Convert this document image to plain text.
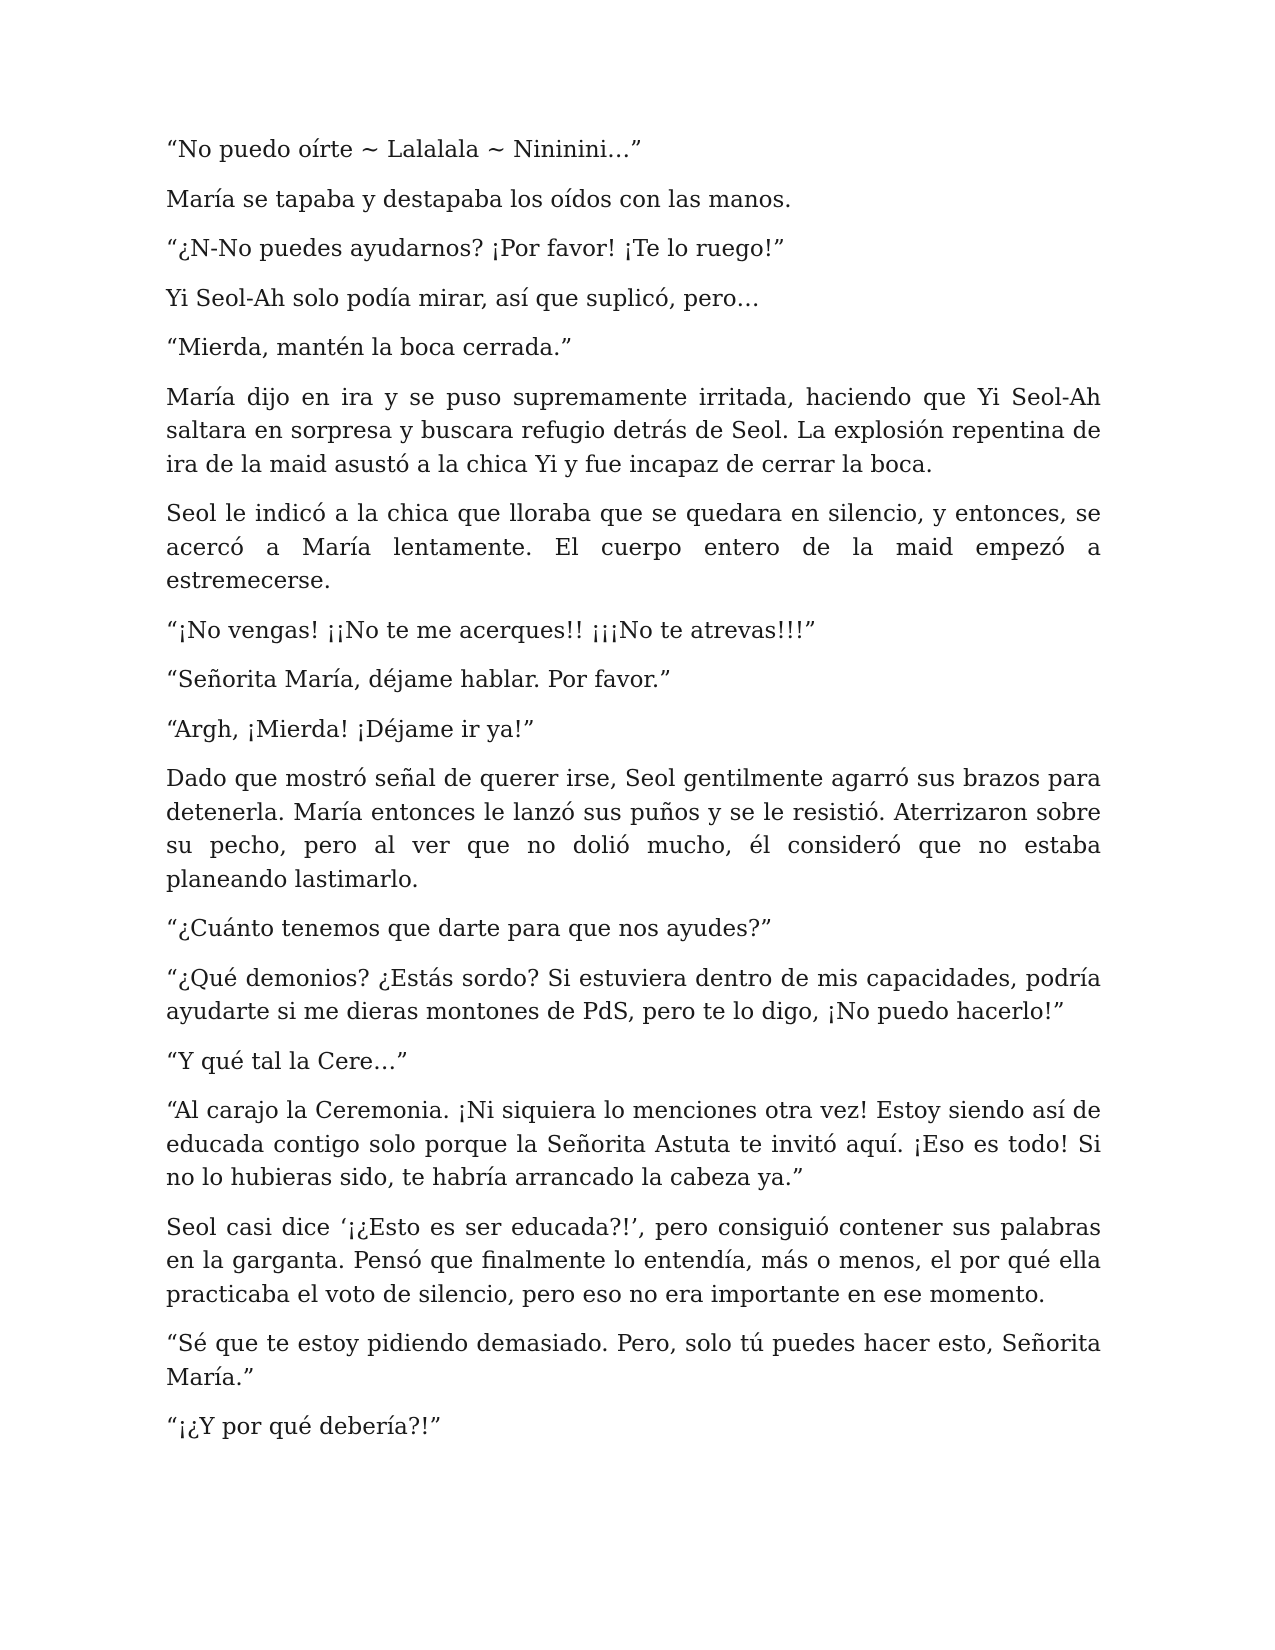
“No puedo oírte ~ Lalalala ~ Nininini…”

María se tapaba y destapaba los oídos con las manos.

“¿N-No puedes ayudarnos? ¡Por favor! ¡Te lo ruego!”

Yi Seol-Ah solo podía mirar, así que suplicó, pero…

“Mierda, mantén la boca cerrada.”

María dijo en ira y se puso supremamente irritada, haciendo que Yi Seol-Ah saltara en sorpresa y buscara refugio detrás de Seol. La explosión repentina de ira de la maid asustó a la chica Yi y fue incapaz de cerrar la boca.

Seol le indicó a la chica que lloraba que se quedara en silencio, y entonces, se acercó a María lentamente. El cuerpo entero de la maid empezó a estremecerse.

“¡No vengas! ¡¡No te me acerques!! ¡¡¡No te atrevas!!!”

“Señorita María, déjame hablar. Por favor.”

“Argh, ¡Mierda! ¡Déjame ir ya!”

Dado que mostró señal de querer irse, Seol gentilmente agarró sus brazos para detenerla. María entonces le lanzó sus puños y se le resistió. Aterrizaron sobre su pecho, pero al ver que no dolió mucho, él consideró que no estaba planeando lastimarlo.

“¿Cuánto tenemos que darte para que nos ayudes?”

“¿Qué demonios? ¿Estás sordo? Si estuviera dentro de mis capacidades, podría ayudarte si me dieras montones de PdS, pero te lo digo, ¡No puedo hacerlo!”

“Y qué tal la Cere…”

“Al carajo la Ceremonia. ¡Ni siquiera lo menciones otra vez! Estoy siendo así de educada contigo solo porque la Señorita Astuta te invitó aquí. ¡Eso es todo! Si no lo hubieras sido, te habría arrancado la cabeza ya.”

Seol casi dice ‘¡¿Esto es ser educada?!’, pero consiguió contener sus palabras en la garganta. Pensó que finalmente lo entendía, más o menos, el por qué ella practicaba el voto de silencio, pero eso no era importante en ese momento.

“Sé que te estoy pidiendo demasiado. Pero, solo tú puedes hacer esto, Señorita María.”

“¡¿Y por qué debería?!”
